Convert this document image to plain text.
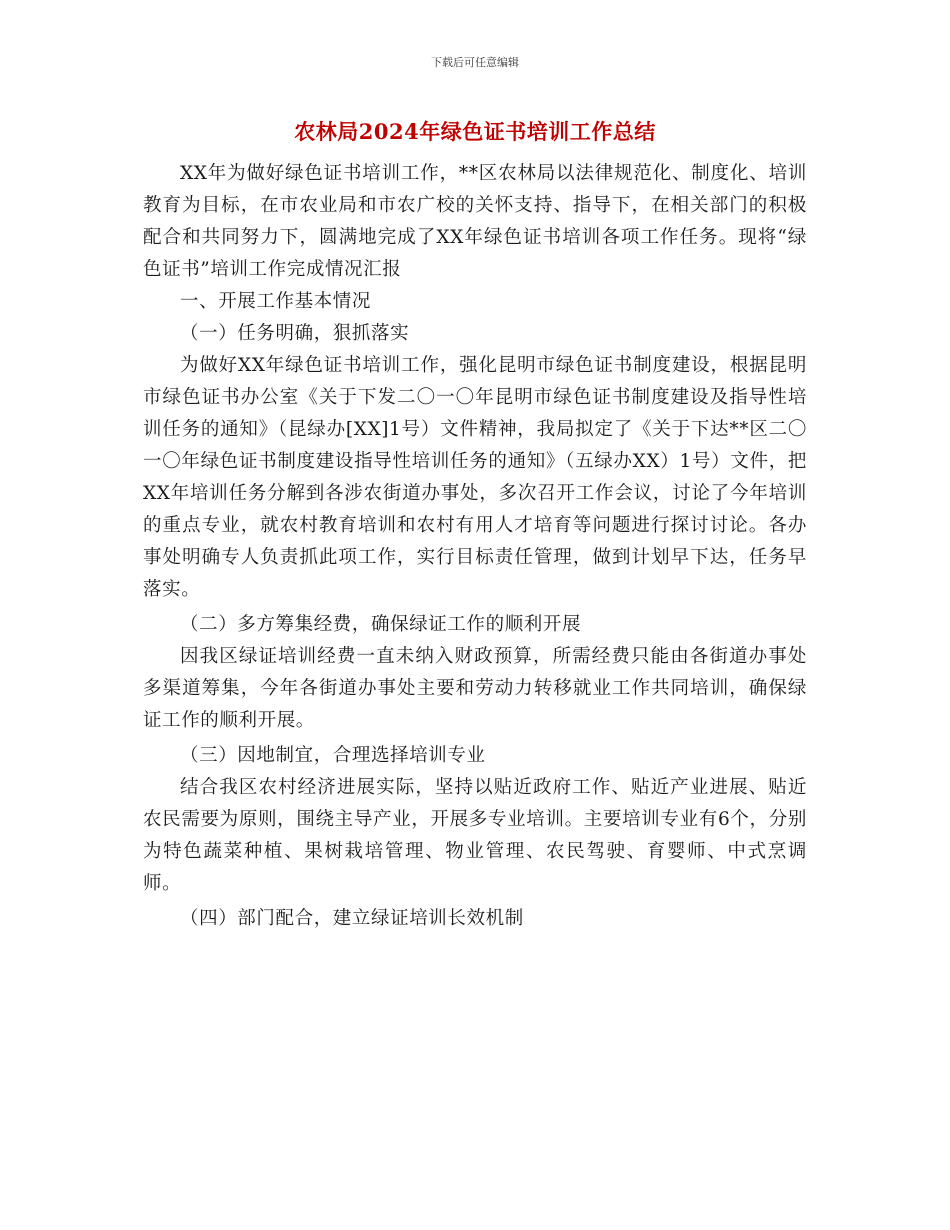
下载后可任意编辑
农林局2024年绿色证书培训工作总结

XX年为做好绿色证书培训工作，**区农林局以法律规范化、制度化、培训教育为目标，在市农业局和市农广校的关怀支持、指导下，在相关部门的积极配合和共同努力下，圆满地完成了XX年绿色证书培训各项工作任务。现将“绿色证书”培训工作完成情况汇报

一、开展工作基本情况

（一）任务明确，狠抓落实

为做好XX年绿色证书培训工作，强化昆明市绿色证书制度建设，根据昆明市绿色证书办公室《关于下发二〇一〇年昆明市绿色证书制度建设及指导性培训任务的通知》（昆绿办[XX]1号）文件精神，我局拟定了《关于下达**区二〇一〇年绿色证书制度建设指导性培训任务的通知》（五绿办XX）1号）文件，把XX年培训任务分解到各涉农街道办事处，多次召开工作会议，讨论了今年培训的重点专业，就农村教育培训和农村有用人才培育等问题进行探讨讨论。各办事处明确专人负责抓此项工作，实行目标责任管理，做到计划早下达，任务早落实。

（二）多方筹集经费，确保绿证工作的顺利开展

因我区绿证培训经费一直未纳入财政预算，所需经费只能由各街道办事处多渠道筹集，今年各街道办事处主要和劳动力转移就业工作共同培训，确保绿证工作的顺利开展。

（三）因地制宜，合理选择培训专业

结合我区农村经济进展实际，坚持以贴近政府工作、贴近产业进展、贴近农民需要为原则，围绕主导产业，开展多专业培训。主要培训专业有6个，分别为特色蔬菜种植、果树栽培管理、物业管理、农民驾驶、育婴师、中式烹调师。

（四）部门配合，建立绿证培训长效机制
